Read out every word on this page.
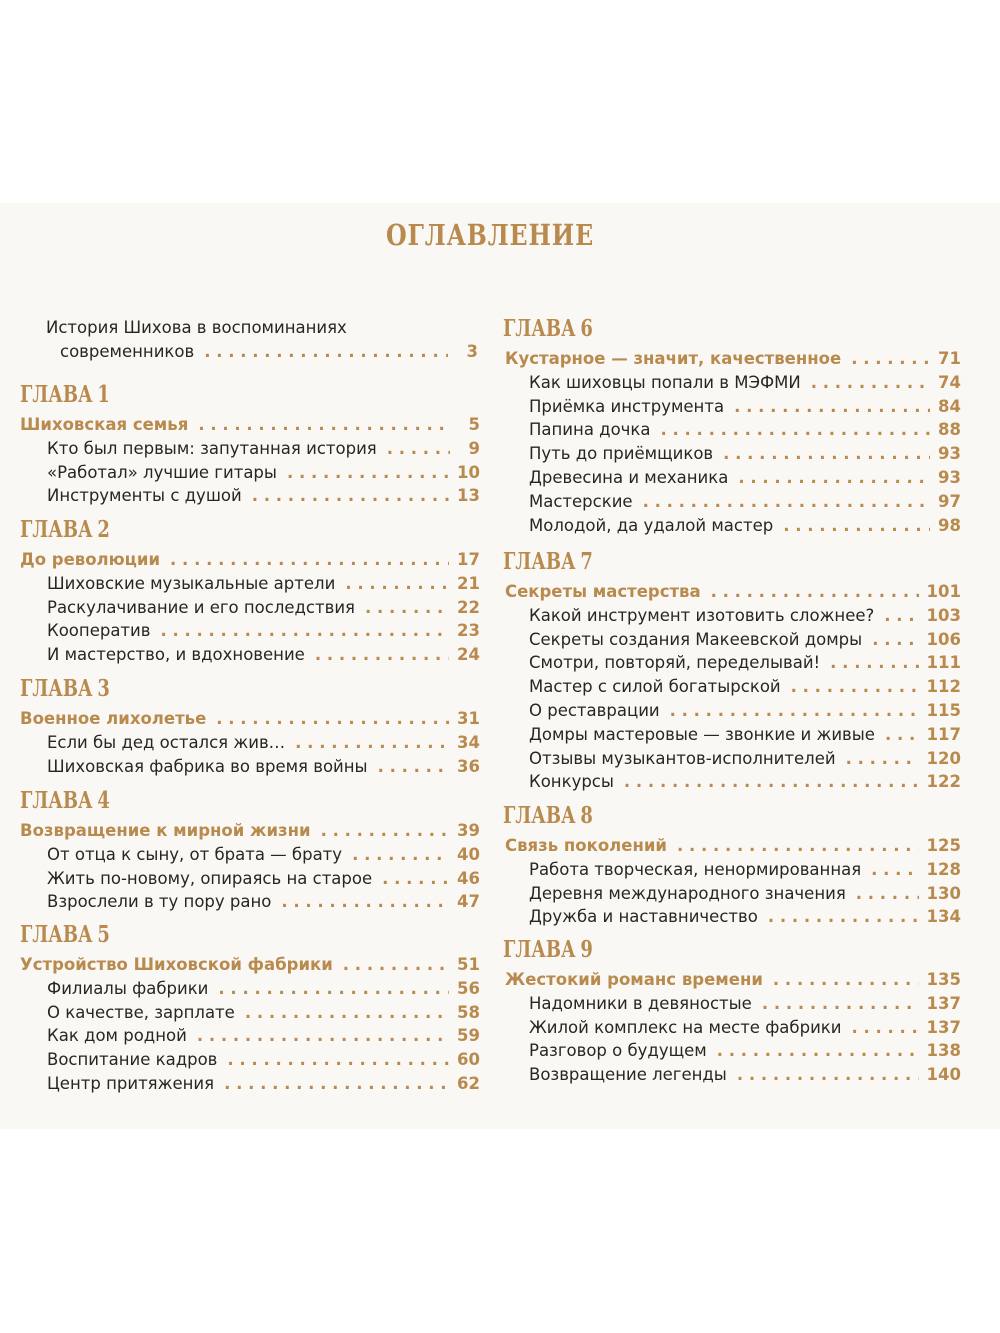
ОГЛАВЛЕНИЕ
История Шихова в воспоминаниях
современников . . .	3
ГЛАВА 1
Шиховская семья . . .	5
Кто был первым: запутанная история . . .	9
«Работал» лучшие гитары . . .	10
Инструменты с душой . . .	13
ГЛАВА 2
До революции . . .	17
Шиховские музыкальные артели . . .	21
Раскулачивание и его последствия . . .	22
Кооператив . . .	23
И мастерство, и вдохновение . . .	24
ГЛАВА 3
Военное лихолетье . . .	31
Если бы дед остался жив… . . .	34
Шиховская фабрика во время войны . . .	36
ГЛАВА 4
Возвращение к мирной жизни . . .	39
От отца к сыну, от брата — брату . . .	40
Жить по-новому, опираясь на старое . . .	46
Взрослели в ту пору рано . . .	47
ГЛАВА 5
Устройство Шиховской фабрики . . .	51
Филиалы фабрики . . .	56
О качестве, зарплате . . .	58
Как дом родной . . .	59
Воспитание кадров . . .	60
Центр притяжения . . .	62
ГЛАВА 6
Кустарное — значит, качественное . . .	71
Как шиховцы попали в МЭФМИ . . .	74
Приёмка инструмента . . .	84
Папина дочка . . .	88
Путь до приёмщиков . . .	93
Древесина и механика . . .	93
Мастерские . . .	97
Молодой, да удалой мастер . . .	98
ГЛАВА 7
Секреты мастерства . . .	101
Какой инструмент изотовить сложнее? . . .	103
Секреты создания Макеевской домры . . .	106
Смотри, повторяй, переделывай! . . .	111
Мастер с силой богатырской . . .	112
О реставрации . . .	115
Домры мастеровые — звонкие и живые . . .	117
Отзывы музыкантов-исполнителей . . .	120
Конкурсы . . .	122
ГЛАВА 8
Связь поколений . . .	125
Работа творческая, ненормированная . . .	128
Деревня международного значения . . .	130
Дружба и наставничество . . .	134
ГЛАВА 9
Жестокий романс времени . . .	135
Надомники в девяностые . . .	137
Жилой комплекс на месте фабрики . . .	137
Разговор о будущем . . .	138
Возвращение легенды . . .	140
